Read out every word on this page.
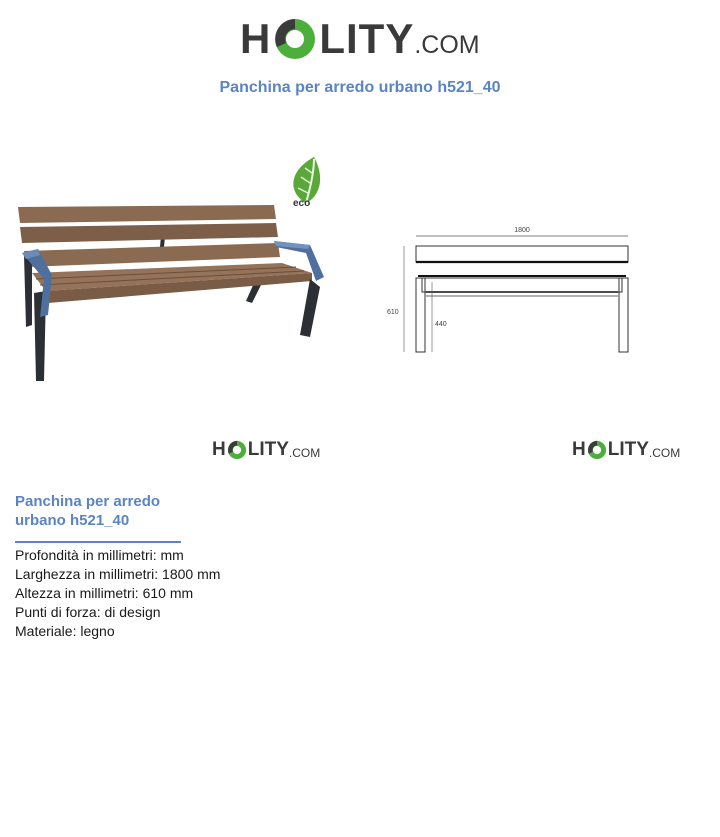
H LITY .COM
Panchina per arredo urbano h521_40
eco
1800
610
440
H LITY .COM	H LITY .COM
Panchina per arredo urbano h521_40
Profondità in millimetri: mm
Larghezza in millimetri: 1800 mm
Altezza in millimetri: 610 mm
Punti di forza: di design
Materiale: legno
